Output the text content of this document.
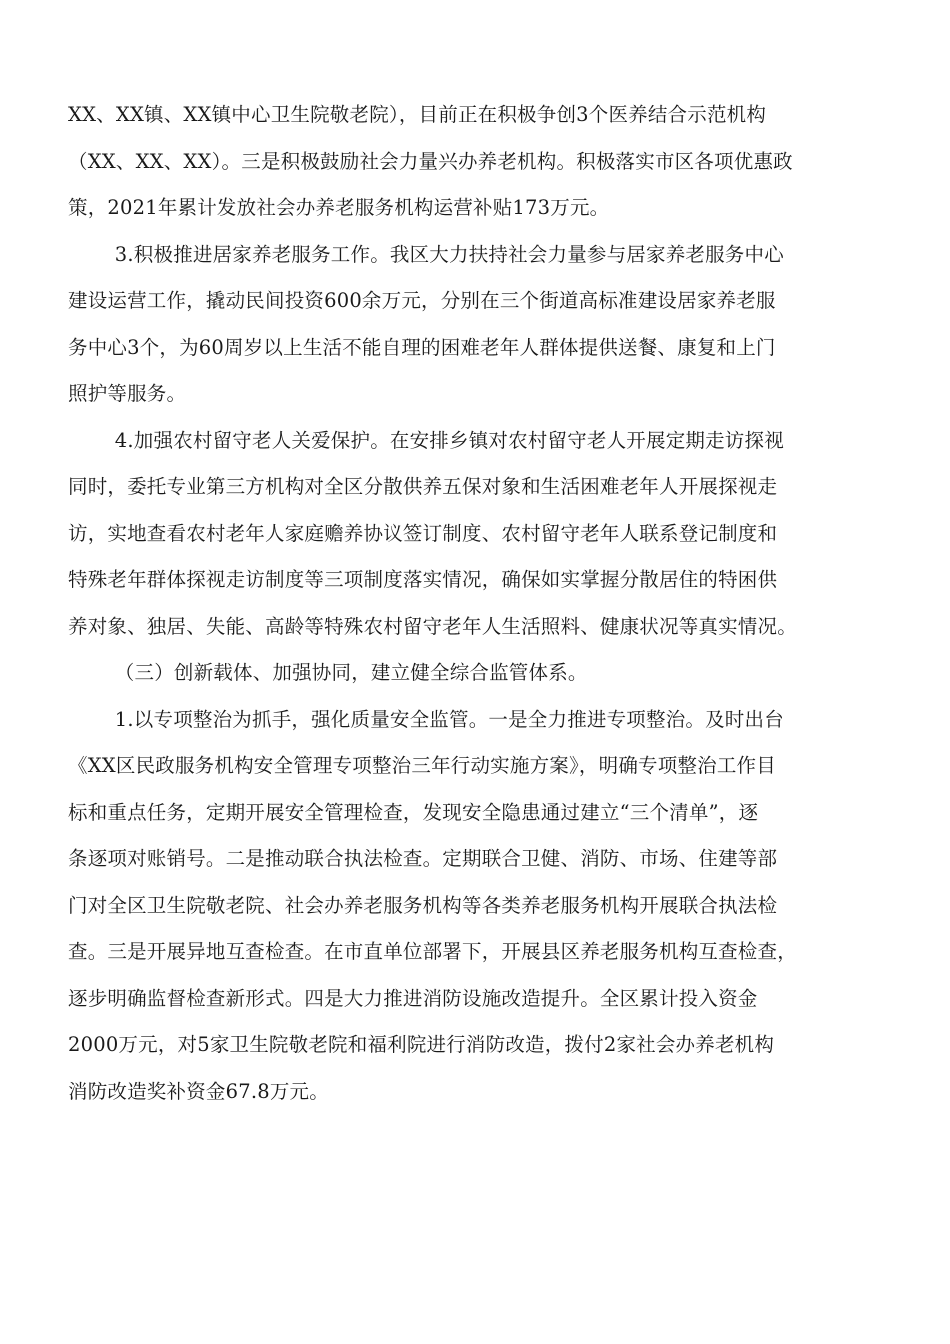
XX、XX镇、XX镇中心卫生院敬老院），目前正在积极争创3个医养结合示范机构
（XX、XX、XX）。三是积极鼓励社会力量兴办养老机构。积极落实市区各项优惠政
策，2021年累计发放社会办养老服务机构运营补贴173万元。
3.积极推进居家养老服务工作。我区大力扶持社会力量参与居家养老服务中心
建设运营工作，撬动民间投资600余万元，分别在三个街道高标准建设居家养老服
务中心3个，为60周岁以上生活不能自理的困难老年人群体提供送餐、康复和上门
照护等服务。
4.加强农村留守老人关爱保护。在安排乡镇对农村留守老人开展定期走访探视
同时，委托专业第三方机构对全区分散供养五保对象和生活困难老年人开展探视走
访，实地查看农村老年人家庭赡养协议签订制度、农村留守老年人联系登记制度和
特殊老年群体探视走访制度等三项制度落实情况，确保如实掌握分散居住的特困供
养对象、独居、失能、高龄等特殊农村留守老年人生活照料、健康状况等真实情况。
（三）创新载体、加强协同，建立健全综合监管体系。
1.以专项整治为抓手，强化质量安全监管。一是全力推进专项整治。及时出台
《XX区民政服务机构安全管理专项整治三年行动实施方案》，明确专项整治工作目
标和重点任务，定期开展安全管理检查，发现安全隐患通过建立“三个清单”，逐
条逐项对账销号。二是推动联合执法检查。定期联合卫健、消防、市场、住建等部
门对全区卫生院敬老院、社会办养老服务机构等各类养老服务机构开展联合执法检
查。三是开展异地互查检查。在市直单位部署下，开展县区养老服务机构互查检查，
逐步明确监督检查新形式。四是大力推进消防设施改造提升。全区累计投入资金
2000万元，对5家卫生院敬老院和福利院进行消防改造，拨付2家社会办养老机构
消防改造奖补资金67.8万元。
